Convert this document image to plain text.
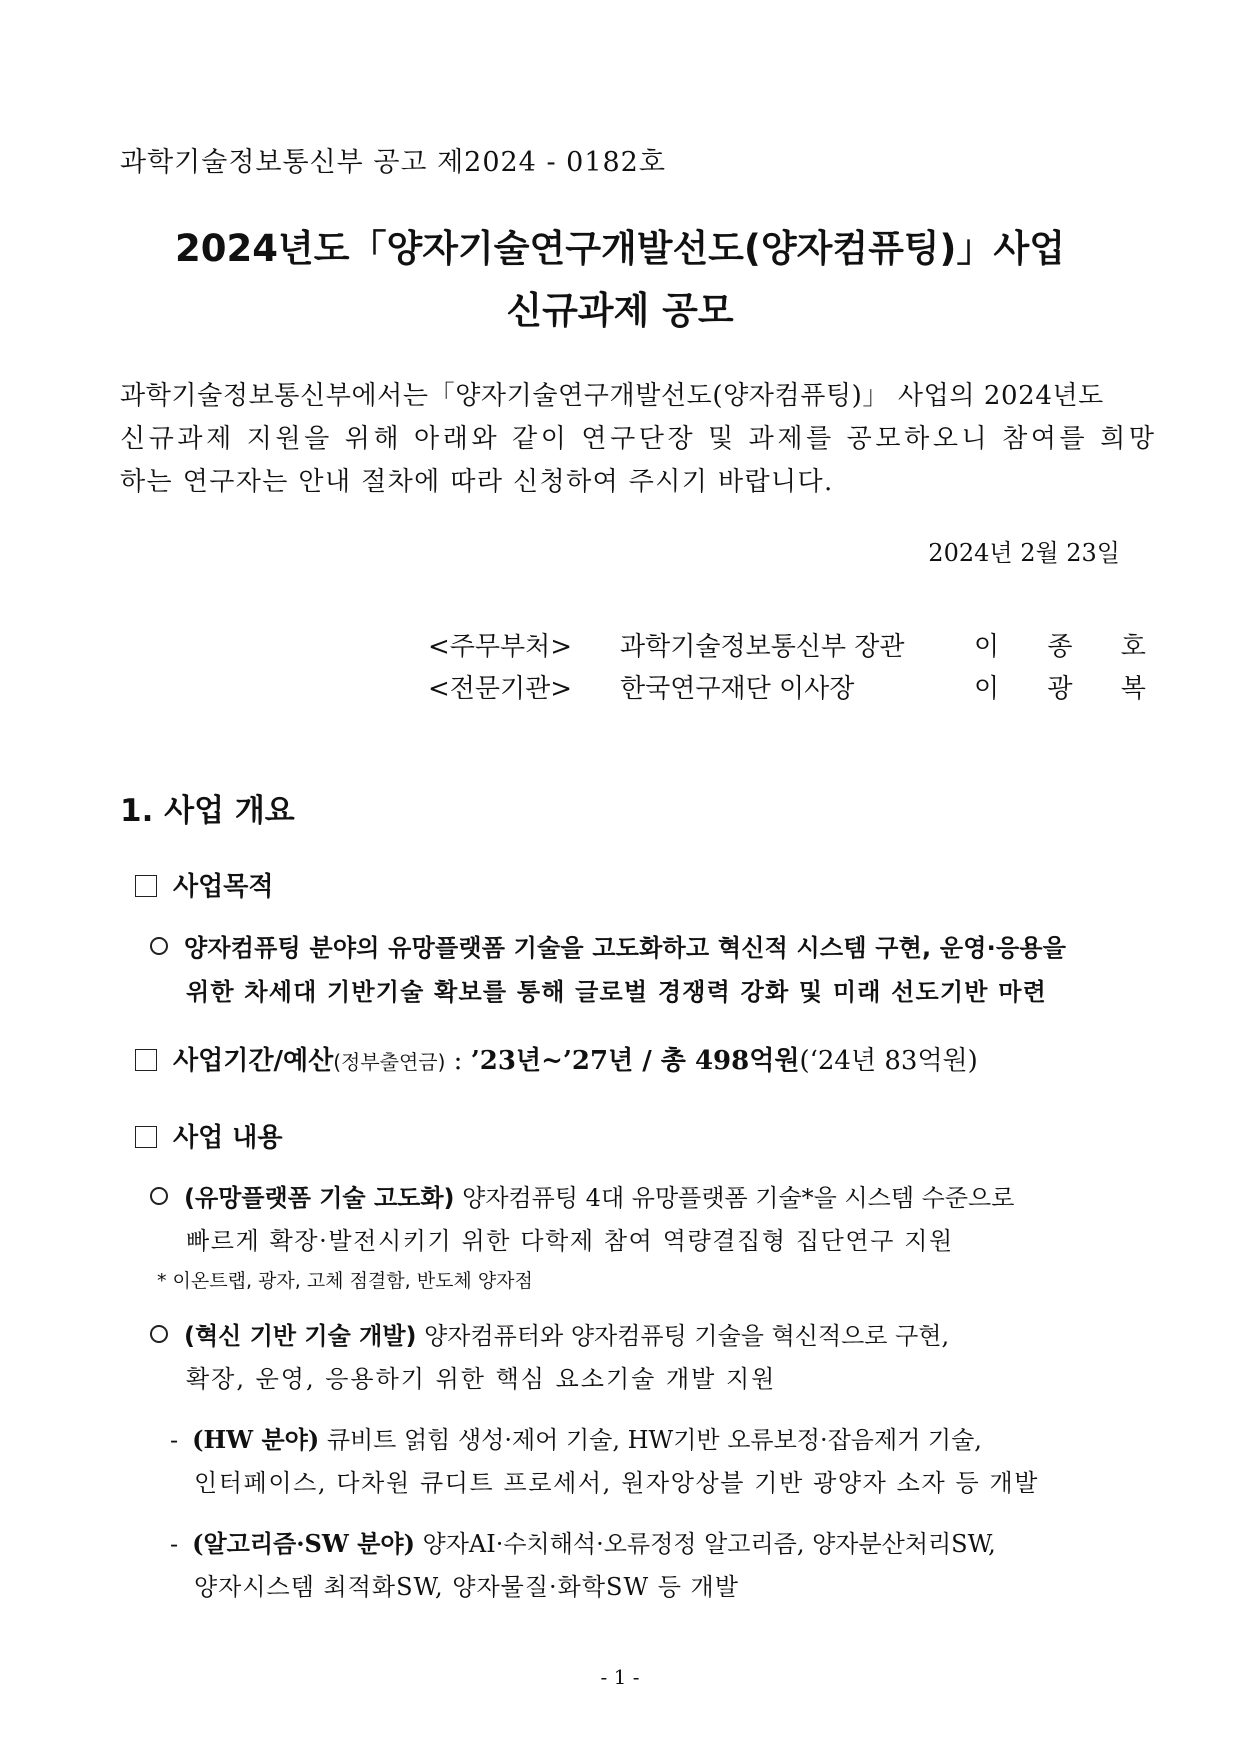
과학기술정보통신부 공고 제2024 - 0182호
2024년도「양자기술연구개발선도(양자컴퓨팅)」사업
신규과제 공모
과학기술정보통신부에서는「양자기술연구개발선도(양자컴퓨팅)」 사업의 2024년도
신규과제 지원을 위해 아래와 같이 연구단장 및 과제를 공모하오니 참여를 희망
하는 연구자는 안내 절차에 따라 신청하여 주시기 바랍니다.
2024년 2월 23일
<주무부처> 과학기술정보통신부 장관	이 종 호
<전문기관> 한국연구재단 이사장	이 광 복
1. 사업 개요
사업목적
양자컴퓨팅 분야의 유망플랫폼 기술을 고도화하고 혁신적 시스템 구현, 운영·응용을
위한 차세대 기반기술 확보를 통해 글로벌 경쟁력 강화 및 미래 선도기반 마련
사업기간/예산(정부출연금) : ’23년~’27년 / 총 498억원(‘24년 83억원)
사업 내용
(유망플랫폼 기술 고도화) 양자컴퓨팅 4대 유망플랫폼 기술*을 시스템 수준으로
빠르게 확장·발전시키기 위한 다학제 참여 역량결집형 집단연구 지원
* 이온트랩, 광자, 고체 점결함, 반도체 양자점
(혁신 기반 기술 개발) 양자컴퓨터와 양자컴퓨팅 기술을 혁신적으로 구현,
확장, 운영, 응용하기 위한 핵심 요소기술 개발 지원
- (HW 분야) 큐비트 얽힘 생성·제어 기술, HW기반 오류보정·잡음제거 기술,
인터페이스, 다차원 큐디트 프로세서, 원자앙상블 기반 광양자 소자 등 개발
- (알고리즘·SW 분야) 양자AI·수치해석·오류정정 알고리즘, 양자분산처리SW,
양자시스템 최적화SW, 양자물질·화학SW 등 개발
- 1 -
